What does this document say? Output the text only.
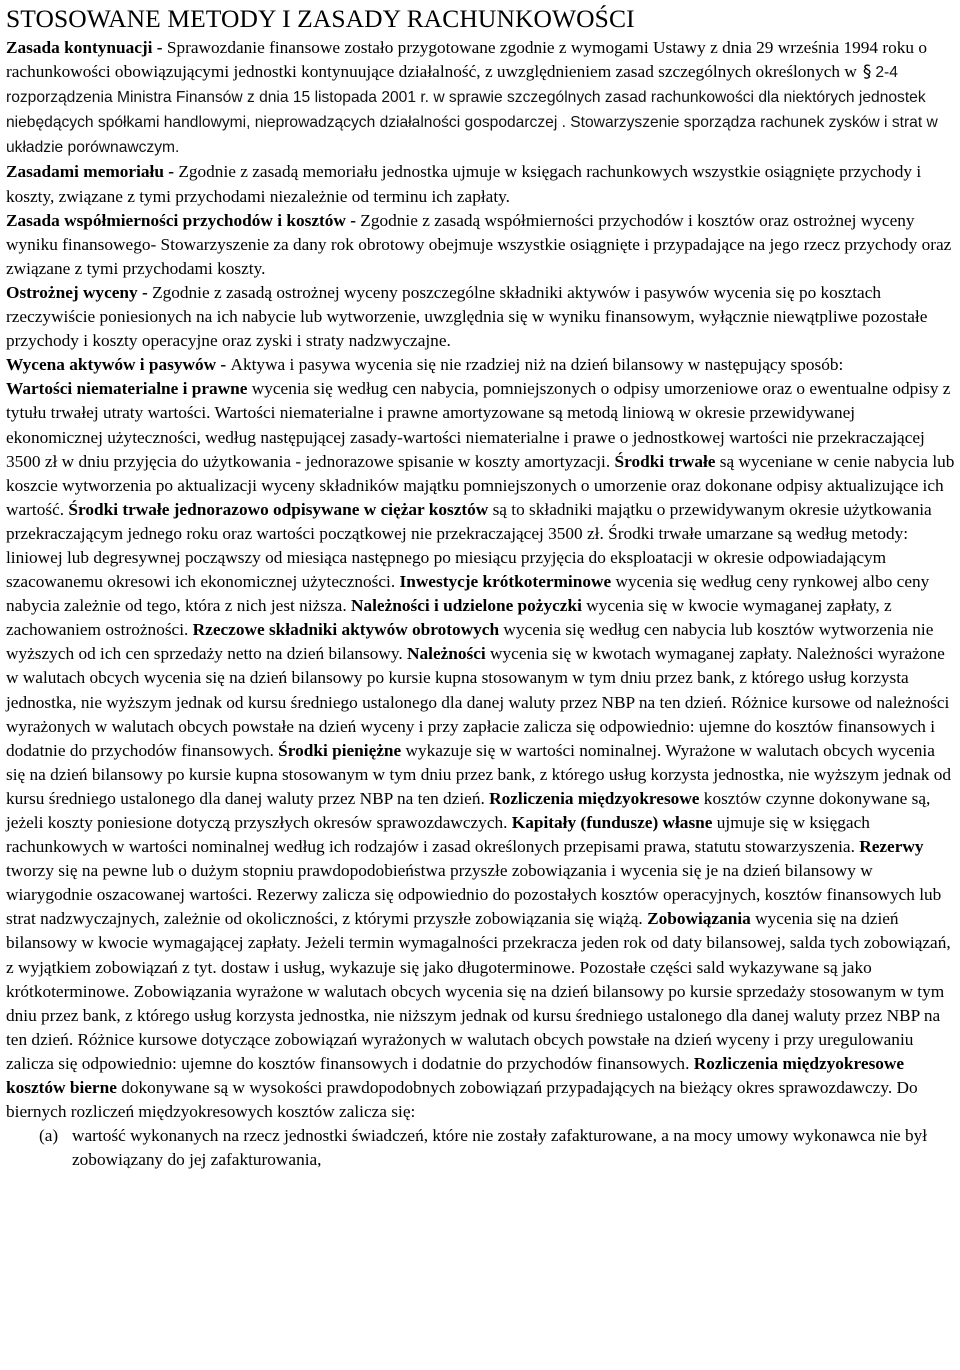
STOSOWANE METODY I ZASADY RACHUNKOWOŚCI

Zasada kontynuacji - Sprawozdanie finansowe zostało przygotowane zgodnie z wymogami Ustawy z dnia 29 września 1994 roku o rachunkowości obowiązującymi jednostki kontynuujące działalność, z uwzględnieniem zasad szczególnych określonych w § 2-4 rozporządzenia Ministra Finansów z dnia 15 listopada 2001 r. w sprawie szczególnych zasad rachunkowości dla niektórych jednostek niebędących spółkami handlowymi, nieprowadzących działalności gospodarczej . Stowarzyszenie sporządza rachunek zysków i strat w układzie porównawczym.

Zasadami memoriału - Zgodnie z zasadą memoriału jednostka ujmuje w księgach rachunkowych wszystkie osiągnięte przychody i koszty, związane z tymi przychodami niezależnie od terminu ich zapłaty.

Zasada współmierności przychodów i kosztów - Zgodnie z zasadą współmierności przychodów i kosztów oraz ostrożnej wyceny wyniku finansowego- Stowarzyszenie za dany rok obrotowy obejmuje wszystkie osiągnięte i przypadające na jego rzecz przychody oraz związane z tymi przychodami koszty.

Ostrożnej wyceny - Zgodnie z zasadą ostrożnej wyceny poszczególne składniki aktywów i pasywów wycenia się po kosztach rzeczywiście poniesionych na ich nabycie lub wytworzenie, uwzględnia się w wyniku finansowym, wyłącznie niewątpliwe pozostałe przychody i koszty operacyjne oraz zyski i straty nadzwyczajne.

Wycena aktywów i pasywów - Aktywa i pasywa wycenia się nie rzadziej niż na dzień bilansowy w następujący sposób:

Wartości niematerialne i prawne wycenia się według cen nabycia, pomniejszonych o odpisy umorzeniowe oraz o ewentualne odpisy z tytułu trwałej utraty wartości. Wartości niematerialne i prawne amortyzowane są metodą liniową w okresie przewidywanej ekonomicznej użyteczności, według następującej zasady-wartości niematerialne i prawe o jednostkowej wartości nie przekraczającej 3500 zł w dniu przyjęcia do użytkowania - jednorazowe spisanie w koszty amortyzacji. Środki trwałe są wyceniane w cenie nabycia lub koszcie wytworzenia po aktualizacji wyceny składników majątku pomniejszonych o umorzenie oraz dokonane odpisy aktualizujące ich wartość. Środki trwałe jednorazowo odpisywane w ciężar kosztów są to składniki majątku o przewidywanym okresie użytkowania przekraczającym jednego roku oraz wartości początkowej nie przekraczającej 3500 zł. Środki trwałe umarzane są według metody: liniowej lub degresywnej począwszy od miesiąca następnego po miesiącu przyjęcia do eksploatacji w okresie odpowiadającym szacowanemu okresowi ich ekonomicznej użyteczności. Inwestycje krótkoterminowe wycenia się według ceny rynkowej albo ceny nabycia zależnie od tego, która z nich jest niższa. Należności i udzielone pożyczki wycenia się w kwocie wymaganej zapłaty, z zachowaniem ostrożności. Rzeczowe składniki aktywów obrotowych wycenia się według cen nabycia lub kosztów wytworzenia nie wyższych od ich cen sprzedaży netto na dzień bilansowy. Należności wycenia się w kwotach wymaganej zapłaty. Należności wyrażone w walutach obcych wycenia się na dzień bilansowy po kursie kupna stosowanym w tym dniu przez bank, z którego usług korzysta jednostka, nie wyższym jednak od kursu średniego ustalonego dla danej waluty przez NBP na ten dzień. Różnice kursowe od należności wyrażonych w walutach obcych powstałe na dzień wyceny i przy zapłacie zalicza się odpowiednio: ujemne do kosztów finansowych i dodatnie do przychodów finansowych. Środki pieniężne wykazuje się w wartości nominalnej. Wyrażone w walutach obcych wycenia się na dzień bilansowy po kursie kupna stosowanym w tym dniu przez bank, z którego usług korzysta jednostka, nie wyższym jednak od kursu średniego ustalonego dla danej waluty przez NBP na ten dzień. Rozliczenia międzyokresowe kosztów czynne dokonywane są, jeżeli koszty poniesione dotyczą przyszłych okresów sprawozdawczych. Kapitały (fundusze) własne ujmuje się w księgach rachunkowych w wartości nominalnej według ich rodzajów i zasad określonych przepisami prawa, statutu stowarzyszenia. Rezerwy tworzy się na pewne lub o dużym stopniu prawdopodobieństwa przyszłe zobowiązania i wycenia się je na dzień bilansowy w wiarygodnie oszacowanej wartości. Rezerwy zalicza się odpowiednio do pozostałych kosztów operacyjnych, kosztów finansowych lub strat nadzwyczajnych, zależnie od okoliczności, z którymi przyszłe zobowiązania się wiążą. Zobowiązania wycenia się na dzień bilansowy w kwocie wymagającej zapłaty. Jeżeli termin wymagalności przekracza jeden rok od daty bilansowej, salda tych zobowiązań, z wyjątkiem zobowiązań z tyt. dostaw i usług, wykazuje się jako długoterminowe. Pozostałe części sald wykazywane są jako krótkoterminowe. Zobowiązania wyrażone w walutach obcych wycenia się na dzień bilansowy po kursie sprzedaży stosowanym w tym dniu przez bank, z którego usług korzysta jednostka, nie niższym jednak od kursu średniego ustalonego dla danej waluty przez NBP na ten dzień. Różnice kursowe dotyczące zobowiązań wyrażonych w walutach obcych powstałe na dzień wyceny i przy uregulowaniu zalicza się odpowiednio: ujemne do kosztów finansowych i dodatnie do przychodów finansowych. Rozliczenia międzyokresowe kosztów bierne dokonywane są w wysokości prawdopodobnych zobowiązań przypadających na bieżący okres sprawozdawczy. Do biernych rozliczeń międzyokresowych kosztów zalicza się:

(a) wartość wykonanych na rzecz jednostki świadczeń, które nie zostały zafakturowane, a na mocy umowy wykonawca nie był zobowiązany do jej zafakturowania,
